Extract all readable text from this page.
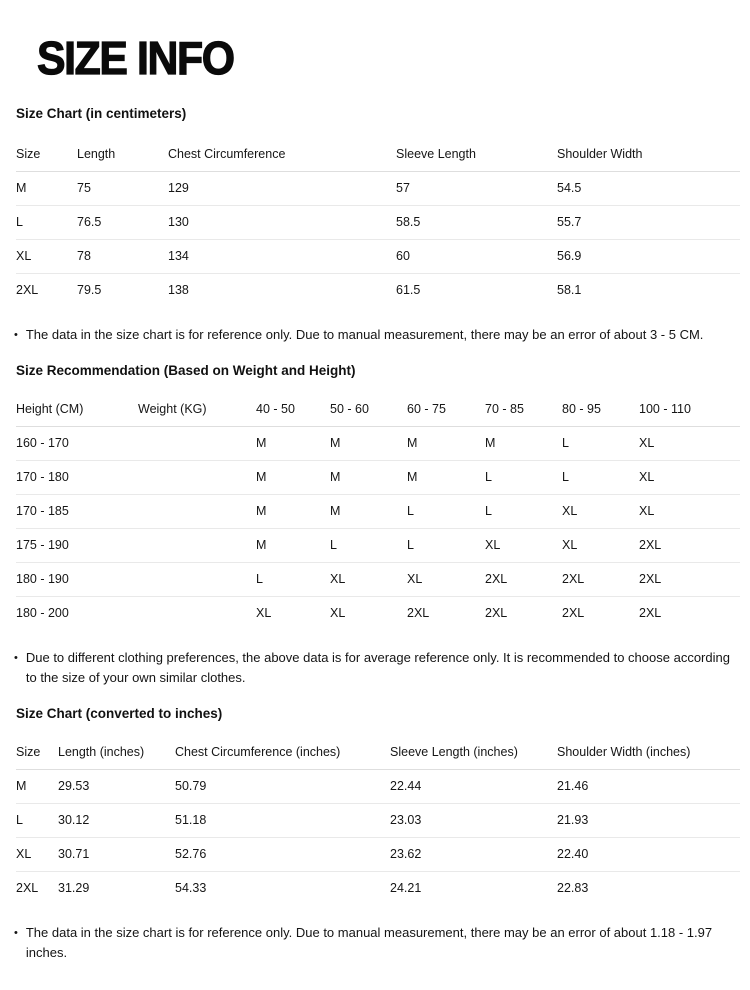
SIZE INFO
Size Chart (in centimeters)
Size	Length	Chest Circumference	Sleeve Length	Shoulder Width
M	75	129	57	54.5
L	76.5	130	58.5	55.7
XL	78	134	60	56.9
2XL	79.5	138	61.5	58.1
• The data in the size chart is for reference only. Due to manual measurement, there may be an error of about 3 - 5 CM.
Size Recommendation (Based on Weight and Height)
Height (CM)	Weight (KG)	40 - 50	50 - 60	60 - 75	70 - 85	80 - 95	100 - 110
160 - 170		M	M	M	M	L	XL
170 - 180		M	M	M	L	L	XL
170 - 185		M	M	L	L	XL	XL
175 - 190		M	L	L	XL	XL	2XL
180 - 190		L	XL	XL	2XL	2XL	2XL
180 - 200		XL	XL	2XL	2XL	2XL	2XL
• Due to different clothing preferences, the above data is for average reference only. It is recommended to choose according to the size of your own similar clothes.
Size Chart (converted to inches)
Size	Length (inches)	Chest Circumference (inches)	Sleeve Length (inches)	Shoulder Width (inches)
M	29.53	50.79	22.44	21.46
L	30.12	51.18	23.03	21.93
XL	30.71	52.76	23.62	22.40
2XL	31.29	54.33	24.21	22.83
• The data in the size chart is for reference only. Due to manual measurement, there may be an error of about 1.18 - 1.97 inches.
